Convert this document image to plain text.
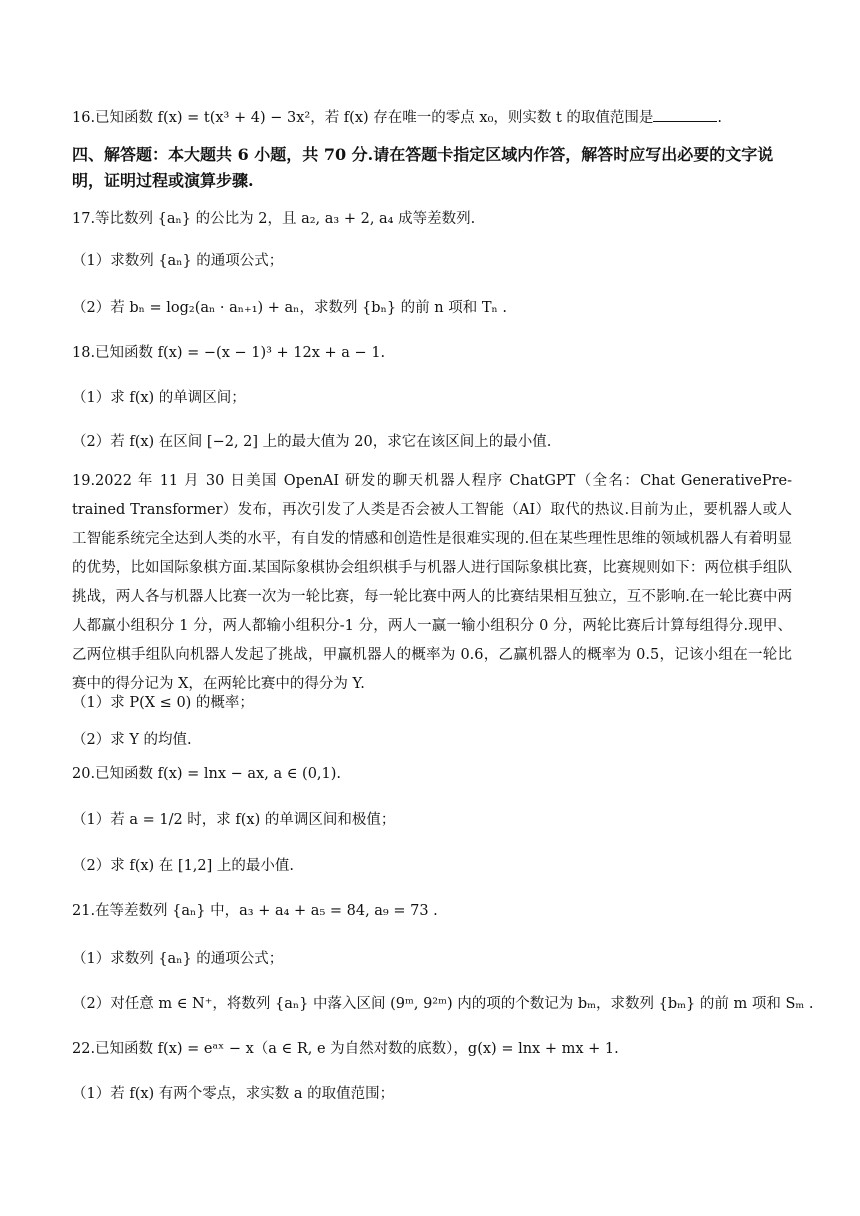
16.已知函数 f(x) = t(x³ + 4) − 3x²，若 f(x) 存在唯一的零点 x₀，则实数 t 的取值范围是	.
四、解答题：本大题共 6 小题，共 70 分.请在答题卡指定区域内作答，解答时应写出必要的文字说明，证明过程或演算步骤.
17.等比数列 {aₙ} 的公比为 2，且 a₂, a₃ + 2, a₄ 成等差数列.
（1）求数列 {aₙ} 的通项公式；
（2）若 bₙ = log₂(aₙ · aₙ₊₁) + aₙ，求数列 {bₙ} 的前 n 项和 Tₙ .
18.已知函数 f(x) = −(x − 1)³ + 12x + a − 1.
（1）求 f(x) 的单调区间；
（2）若 f(x) 在区间 [−2, 2] 上的最大值为 20，求它在该区间上的最小值.
19.2022 年 11 月 30 日美国 OpenAI 研发的聊天机器人程序 ChatGPT（全名：Chat GenerativePre-trained Transformer）发布，再次引发了人类是否会被人工智能（AI）取代的热议.目前为止，要机器人或人工智能系统完全达到人类的水平，有自发的情感和创造性是很难实现的.但在某些理性思维的领域机器人有着明显的优势，比如国际象棋方面.某国际象棋协会组织棋手与机器人进行国际象棋比赛，比赛规则如下：两位棋手组队挑战，两人各与机器人比赛一次为一轮比赛，每一轮比赛中两人的比赛结果相互独立，互不影响.在一轮比赛中两人都赢小组积分 1 分，两人都输小组积分-1 分，两人一赢一输小组积分 0 分，两轮比赛后计算每组得分.现甲、乙两位棋手组队向机器人发起了挑战，甲赢机器人的概率为 0.6，乙赢机器人的概率为 0.5，记该小组在一轮比赛中的得分记为 X，在两轮比赛中的得分为 Y.
（1）求 P(X ≤ 0) 的概率；
（2）求 Y 的均值.
20.已知函数 f(x) = lnx − ax, a ∈ (0,1).
（1）若 a = 1/2 时，求 f(x) 的单调区间和极值；
（2）求 f(x) 在 [1,2] 上的最小值.
21.在等差数列 {aₙ} 中，a₃ + a₄ + a₅ = 84, a₉ = 73 .
（1）求数列 {aₙ} 的通项公式；
（2）对任意 m ∈ N⁺，将数列 {aₙ} 中落入区间 (9ᵐ, 9²ᵐ) 内的项的个数记为 bₘ，求数列 {bₘ} 的前 m 项和 Sₘ .
22.已知函数 f(x) = eᵃˣ − x（a ∈ R, e 为自然对数的底数），g(x) = lnx + mx + 1.
（1）若 f(x) 有两个零点，求实数 a 的取值范围；
